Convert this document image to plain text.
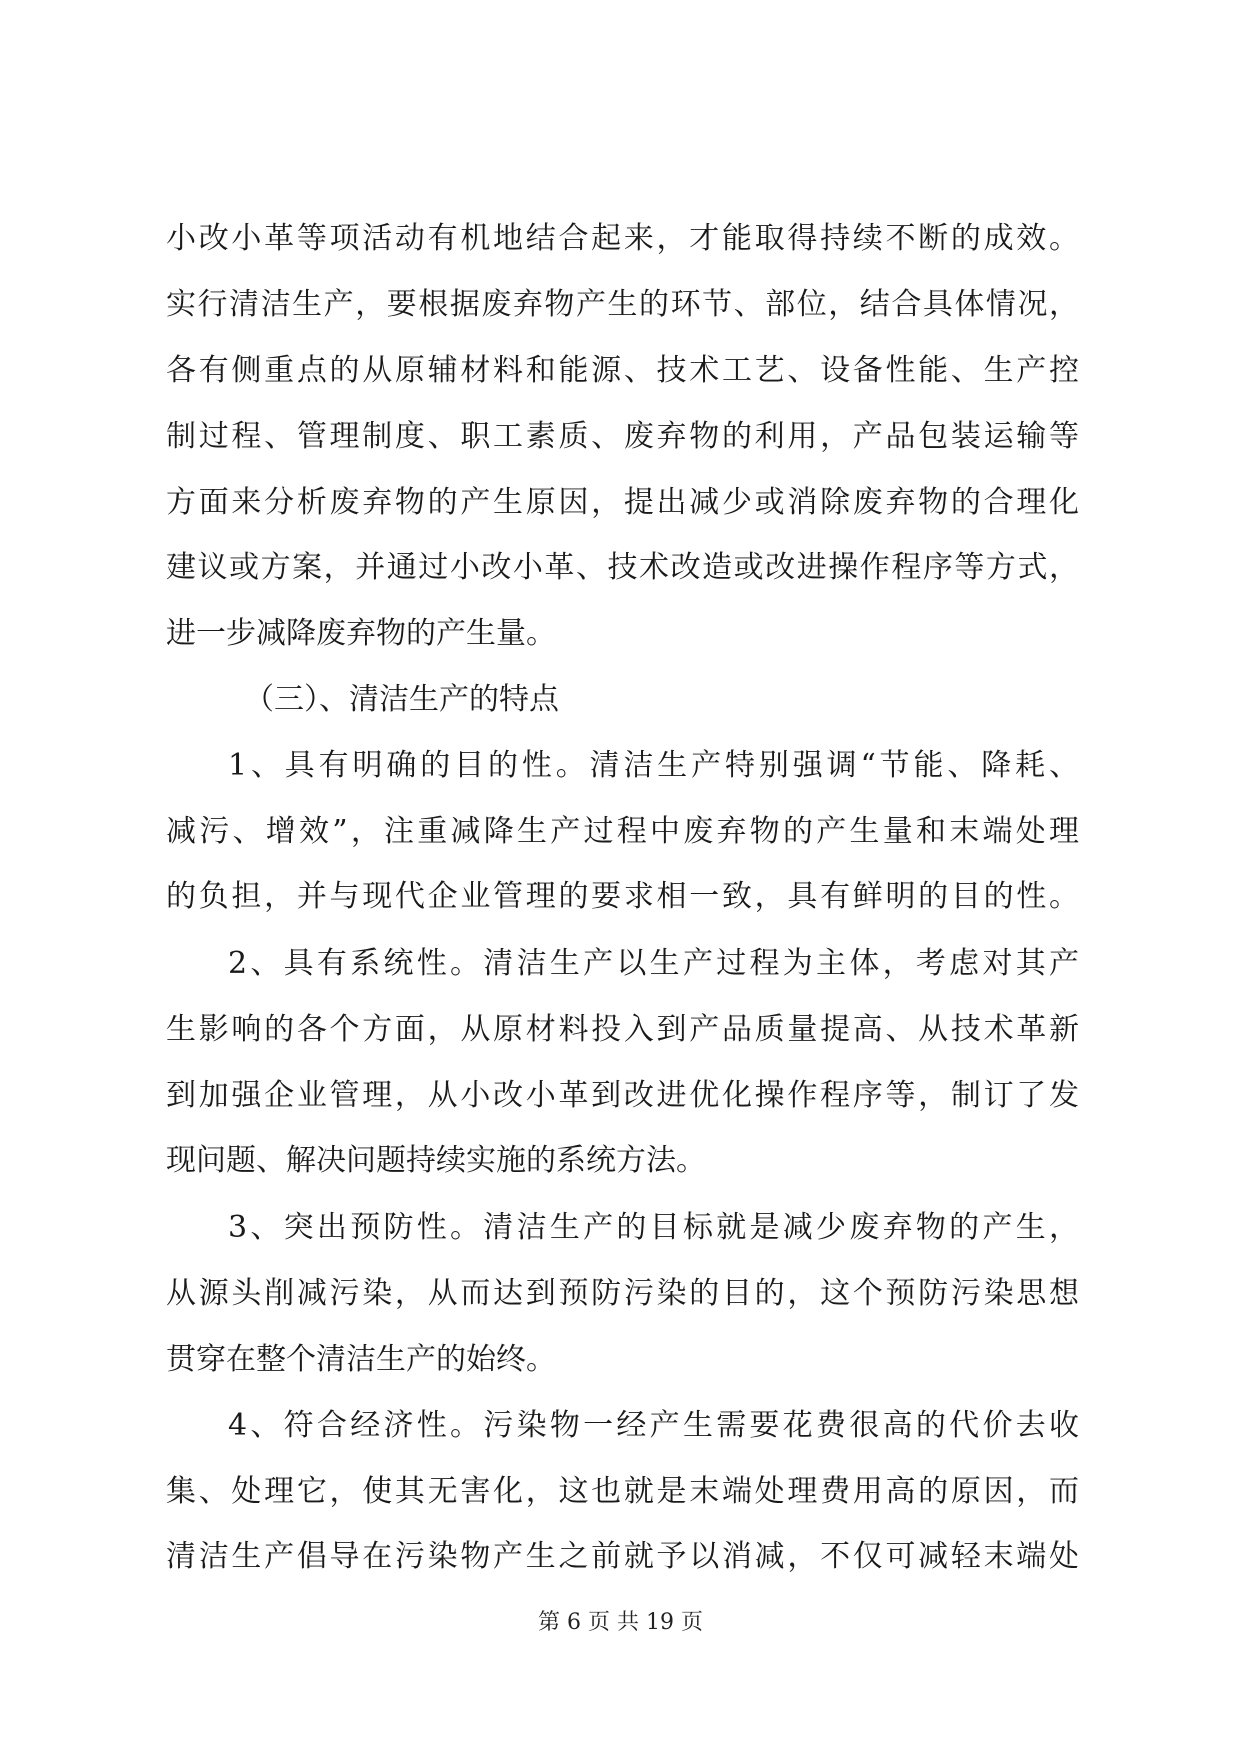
小改小革等项活动有机地结合起来，才能取得持续不断的成效。
实行清洁生产，要根据废弃物产生的环节、部位，结合具体情况，
各有侧重点的从原辅材料和能源、技术工艺、设备性能、生产控
制过程、管理制度、职工素质、废弃物的利用，产品包装运输等
方面来分析废弃物的产生原因，提出减少或消除废弃物的合理化
建议或方案，并通过小改小革、技术改造或改进操作程序等方式，
进一步减降废弃物的产生量。
（三）、清洁生产的特点
1、具有明确的目的性。清洁生产特别强调“节能、降耗、
减污、增效”，注重减降生产过程中废弃物的产生量和末端处理
的负担，并与现代企业管理的要求相一致，具有鲜明的目的性。
2、具有系统性。清洁生产以生产过程为主体，考虑对其产
生影响的各个方面，从原材料投入到产品质量提高、从技术革新
到加强企业管理，从小改小革到改进优化操作程序等，制订了发
现问题、解决问题持续实施的系统方法。
3、突出预防性。清洁生产的目标就是减少废弃物的产生，
从源头削减污染，从而达到预防污染的目的，这个预防污染思想
贯穿在整个清洁生产的始终。
4、符合经济性。污染物一经产生需要花费很高的代价去收
集、处理它，使其无害化，这也就是末端处理费用高的原因，而
清洁生产倡导在污染物产生之前就予以消减，不仅可减轻末端处
第 6 页 共 19 页
